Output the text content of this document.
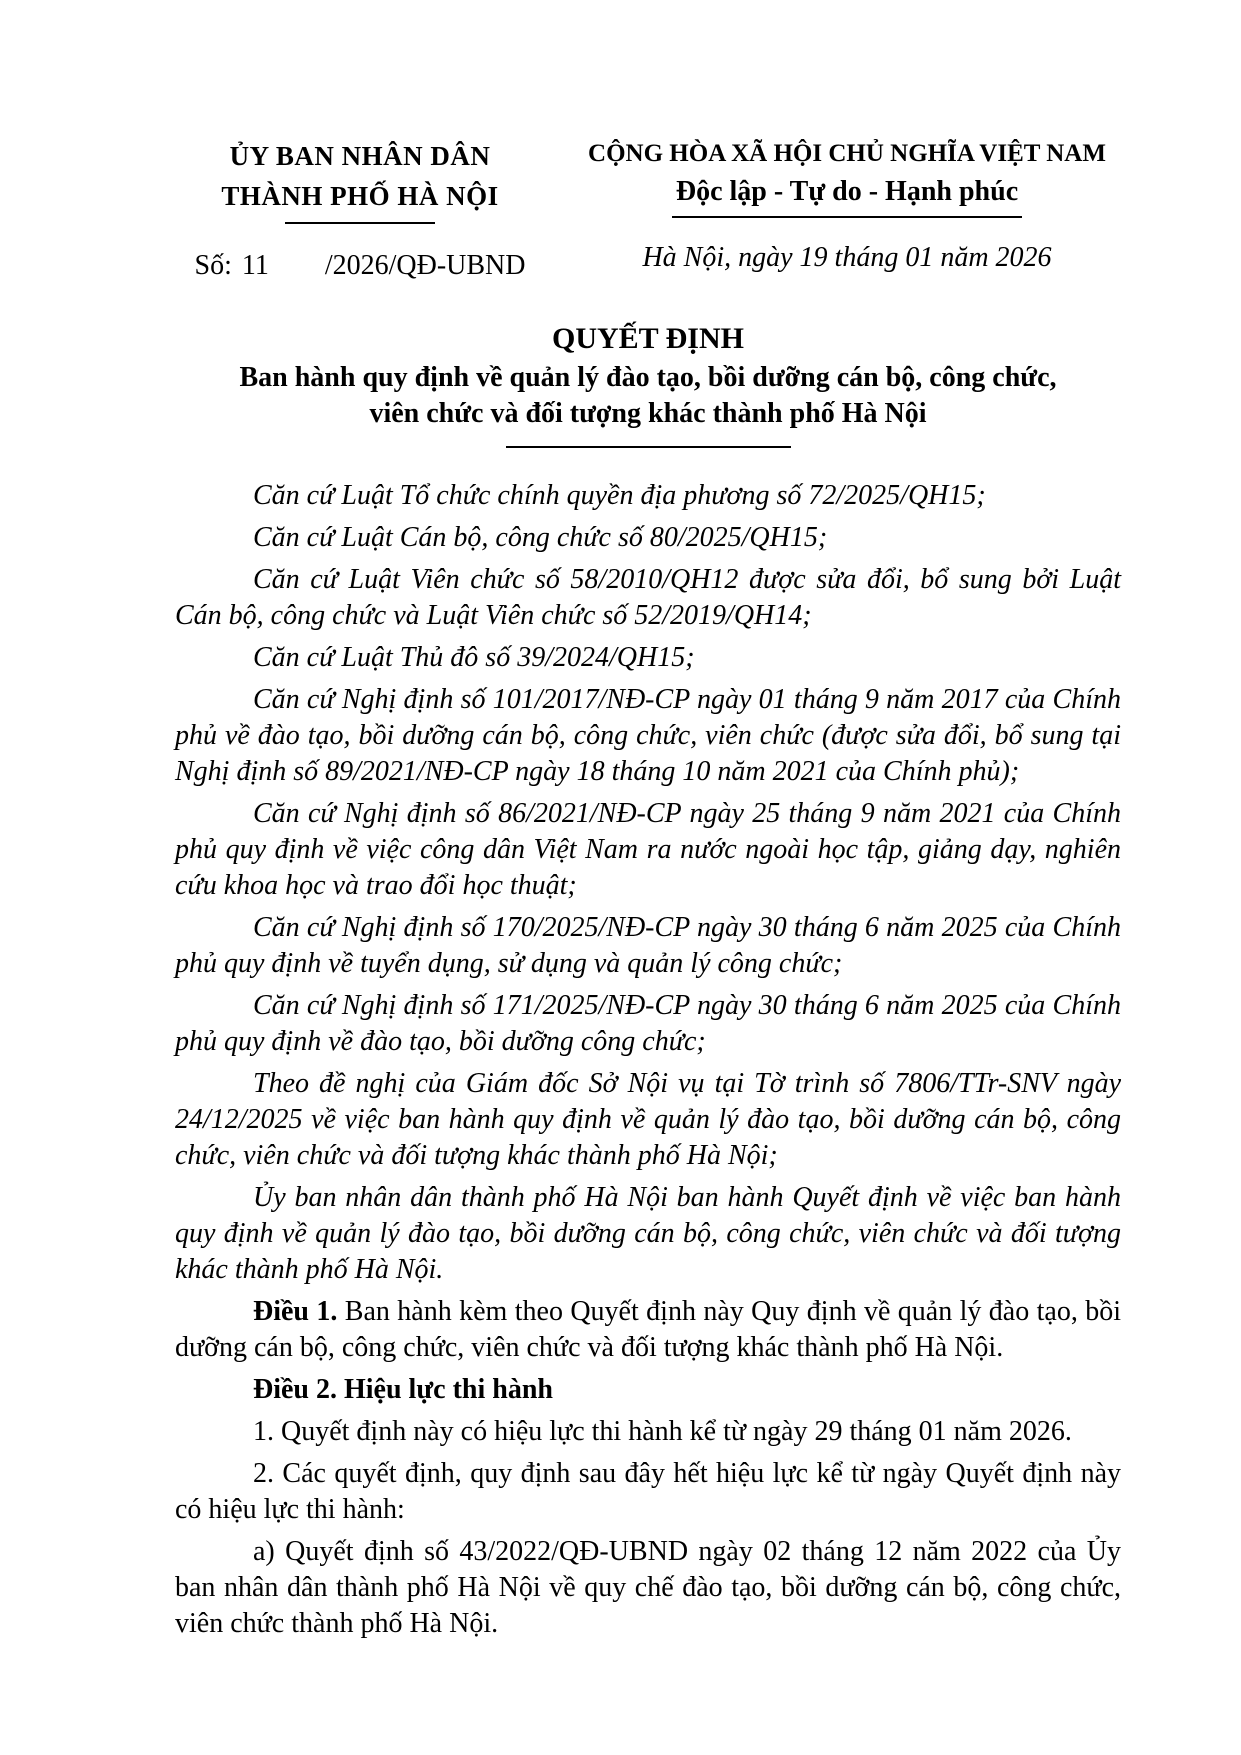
ỦY BAN NHÂN DÂN
THÀNH PHỐ HÀ NỘI
Số: 11 /2026/QĐ-UBND
CỘNG HÒA XÃ HỘI CHỦ NGHĨA VIỆT NAM
Độc lập - Tự do - Hạnh phúc
Hà Nội, ngày 19 tháng 01 năm 2026
QUYẾT ĐỊNH
Ban hành quy định về quản lý đào tạo, bồi dưỡng cán bộ, công chức,
viên chức và đối tượng khác thành phố Hà Nội

Căn cứ Luật Tổ chức chính quyền địa phương số 72/2025/QH15;

Căn cứ Luật Cán bộ, công chức số 80/2025/QH15;

Căn cứ Luật Viên chức số 58/2010/QH12 được sửa đổi, bổ sung bởi Luật Cán bộ, công chức và Luật Viên chức số 52/2019/QH14;

Căn cứ Luật Thủ đô số 39/2024/QH15;

Căn cứ Nghị định số 101/2017/NĐ-CP ngày 01 tháng 9 năm 2017 của Chính phủ về đào tạo, bồi dưỡng cán bộ, công chức, viên chức (được sửa đổi, bổ sung tại Nghị định số 89/2021/NĐ-CP ngày 18 tháng 10 năm 2021 của Chính phủ);

Căn cứ Nghị định số 86/2021/NĐ-CP ngày 25 tháng 9 năm 2021 của Chính phủ quy định về việc công dân Việt Nam ra nước ngoài học tập, giảng dạy, nghiên cứu khoa học và trao đổi học thuật;

Căn cứ Nghị định số 170/2025/NĐ-CP ngày 30 tháng 6 năm 2025 của Chính phủ quy định về tuyển dụng, sử dụng và quản lý công chức;

Căn cứ Nghị định số 171/2025/NĐ-CP ngày 30 tháng 6 năm 2025 của Chính phủ quy định về đào tạo, bồi dưỡng công chức;

Theo đề nghị của Giám đốc Sở Nội vụ tại Tờ trình số 7806/TTr-SNV ngày 24/12/2025 về việc ban hành quy định về quản lý đào tạo, bồi dưỡng cán bộ, công chức, viên chức và đối tượng khác thành phố Hà Nội;

Ủy ban nhân dân thành phố Hà Nội ban hành Quyết định về việc ban hành quy định về quản lý đào tạo, bồi dưỡng cán bộ, công chức, viên chức và đối tượng khác thành phố Hà Nội.

Điều 1. Ban hành kèm theo Quyết định này Quy định về quản lý đào tạo, bồi dưỡng cán bộ, công chức, viên chức và đối tượng khác thành phố Hà Nội.

Điều 2. Hiệu lực thi hành

1. Quyết định này có hiệu lực thi hành kể từ ngày 29 tháng 01 năm 2026.

2. Các quyết định, quy định sau đây hết hiệu lực kể từ ngày Quyết định này có hiệu lực thi hành:

a) Quyết định số 43/2022/QĐ-UBND ngày 02 tháng 12 năm 2022 của Ủy ban nhân dân thành phố Hà Nội về quy chế đào tạo, bồi dưỡng cán bộ, công chức, viên chức thành phố Hà Nội.
